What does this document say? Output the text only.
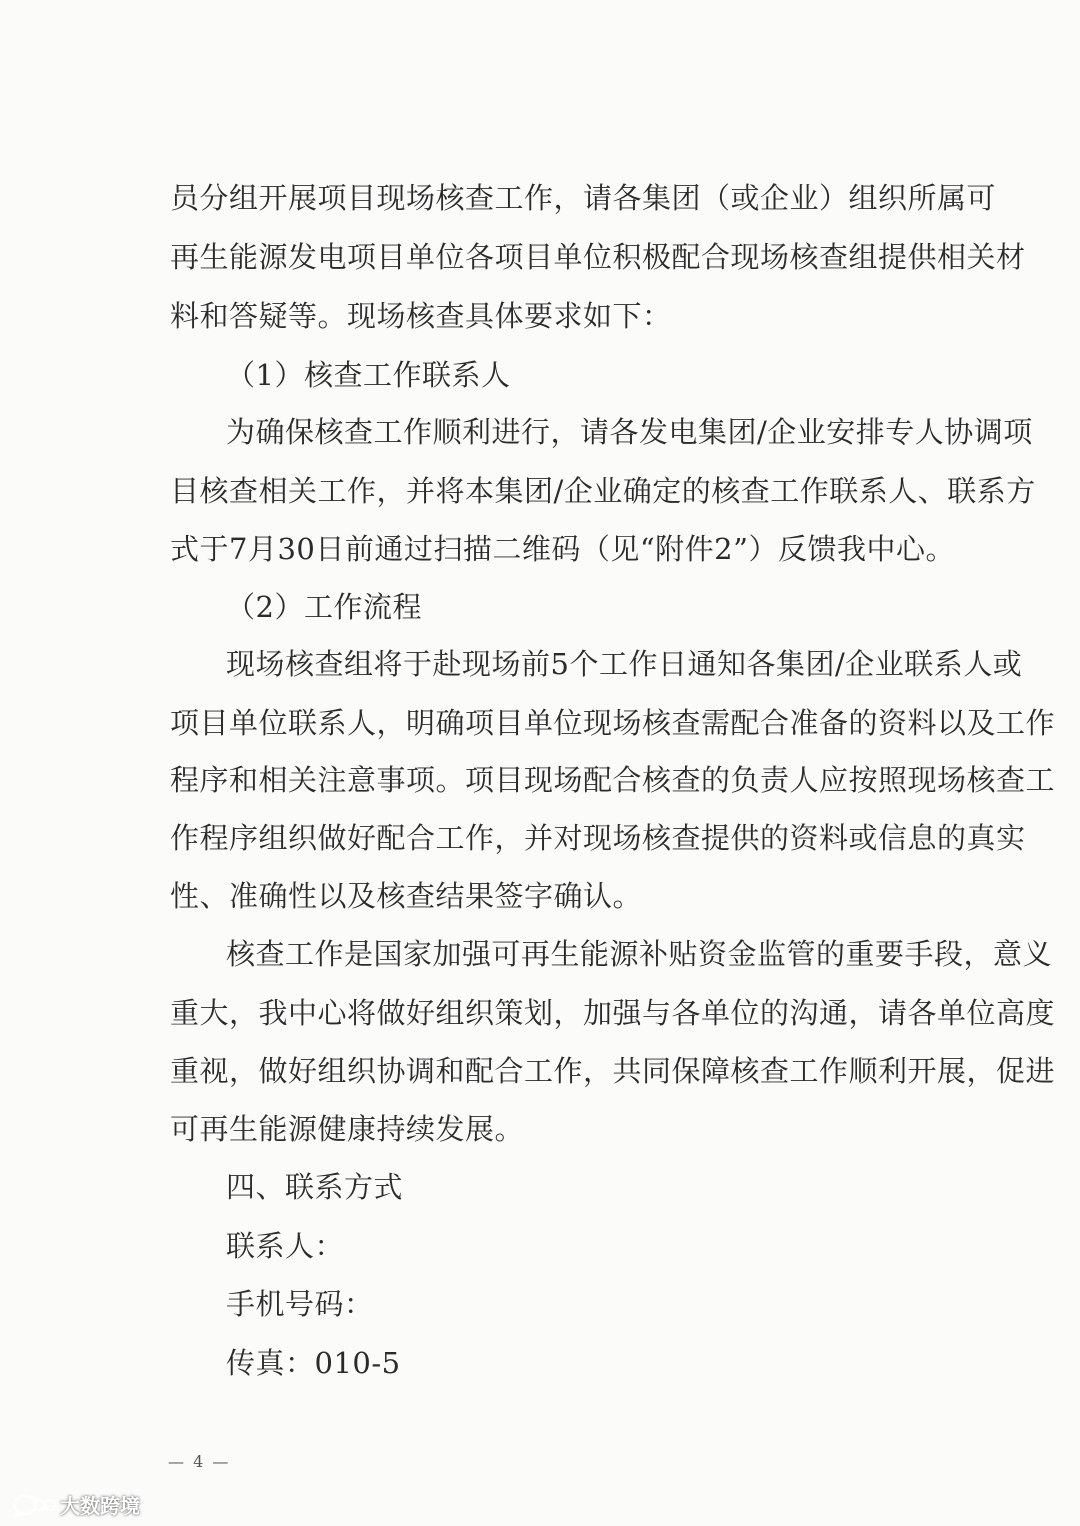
员分组开展项目现场核查工作，请各集团（或企业）组织所属可
再生能源发电项目单位各项目单位积极配合现场核查组提供相关材
料和答疑等。现场核查具体要求如下：
（1）核查工作联系人
为确保核查工作顺利进行，请各发电集团/企业安排专人协调项
目核查相关工作，并将本集团/企业确定的核查工作联系人、联系方
式于7月30日前通过扫描二维码（见“附件2”）反馈我中心。
（2）工作流程
现场核查组将于赴现场前5个工作日通知各集团/企业联系人或
项目单位联系人，明确项目单位现场核查需配合准备的资料以及工作
程序和相关注意事项。项目现场配合核查的负责人应按照现场核查工
作程序组织做好配合工作，并对现场核查提供的资料或信息的真实
性、准确性以及核查结果签字确认。
核查工作是国家加强可再生能源补贴资金监管的重要手段，意义
重大，我中心将做好组织策划，加强与各单位的沟通，请各单位高度
重视，做好组织协调和配合工作，共同保障核查工作顺利开展，促进
可再生能源健康持续发展。
四、联系方式
联系人：
手机号码：
传真：010-5
— 4 —
大数跨境
